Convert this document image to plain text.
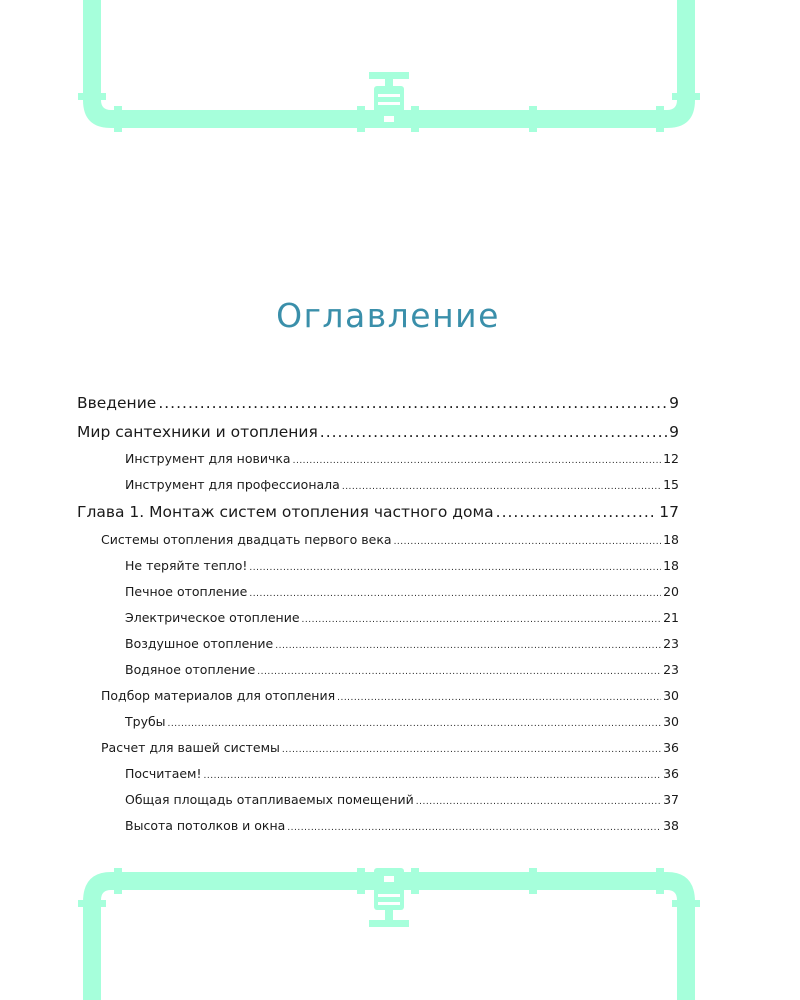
Оглавление
Введение .....	9
Мир сантехники и отопления .....	9
Инструмент для новичка .....	12
Инструмент для профессионала .....	15
Глава 1. Монтаж систем отопления частного дома .....	17
Системы отопления двадцать первого века .....	18
Не теряйте тепло! .....	18
Печное отопление .....	20
Электрическое отопление .....	21
Воздушное отопление .....	23
Водяное отопление .....	23
Подбор материалов для отопления .....	30
Трубы .....	30
Расчет для вашей системы .....	36
Посчитаем! .....	36
Общая площадь отапливаемых помещений .....	37
Высота потолков и окна .....	38
